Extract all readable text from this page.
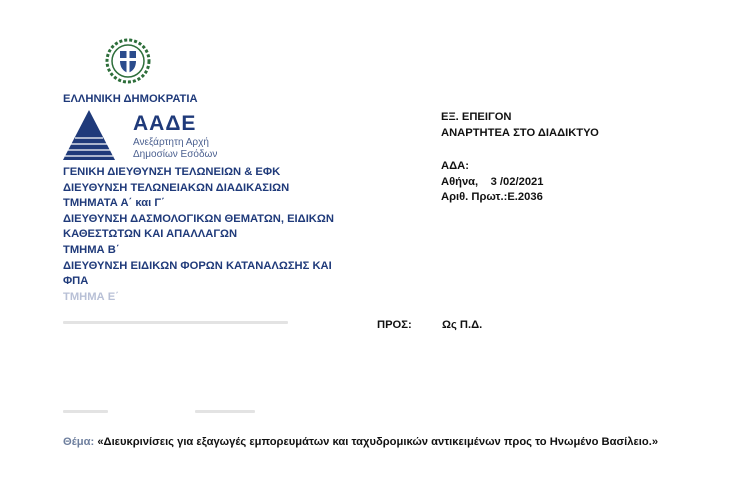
ΕΛΛΗΝΙΚΗ ΔΗΜΟΚΡΑΤΙΑ
ΑΑΔΕ
Ανεξάρτητη Αρχή
Δημοσίων Εσόδων
ΓΕΝΙΚΗ ΔΙΕΥΘΥΝΣΗ ΤΕΛΩΝΕΙΩΝ & ΕΦΚ
ΔΙΕΥΘΥΝΣΗ ΤΕΛΩΝΕΙΑΚΩΝ ΔΙΑΔΙΚΑΣΙΩΝ
ΤΜΗΜΑΤΑ Α΄ και Γ΄
ΔΙΕΥΘΥΝΣΗ ΔΑΣΜΟΛΟΓΙΚΩΝ ΘΕΜΑΤΩΝ, ΕΙΔΙΚΩΝ
ΚΑΘΕΣΤΩΤΩΝ ΚΑΙ ΑΠΑΛΛΑΓΩΝ
ΤΜΗΜΑ Β΄
ΔΙΕΥΘΥΝΣΗ ΕΙΔΙΚΩΝ ΦΟΡΩΝ ΚΑΤΑΝΑΛΩΣΗΣ ΚΑΙ
ΦΠΑ
ΤΜΗΜΑ Ε΄
ΕΞ. ΕΠΕΙΓΟΝ
ΑΝΑΡΤΗΤΕΑ ΣΤΟ ΔΙΑΔΙΚΤΥΟ
ΑΔΑ:
Αθήνα,    3 /02/2021
Αριθ. Πρωτ.:Ε.2036
ΠΡΟΣ:	Ως Π.Δ.
Θέμα: «Διευκρινίσεις για εξαγωγές εμπορευμάτων και ταχυδρομικών αντικειμένων προς το Ηνωμένο Βασίλειο.»
